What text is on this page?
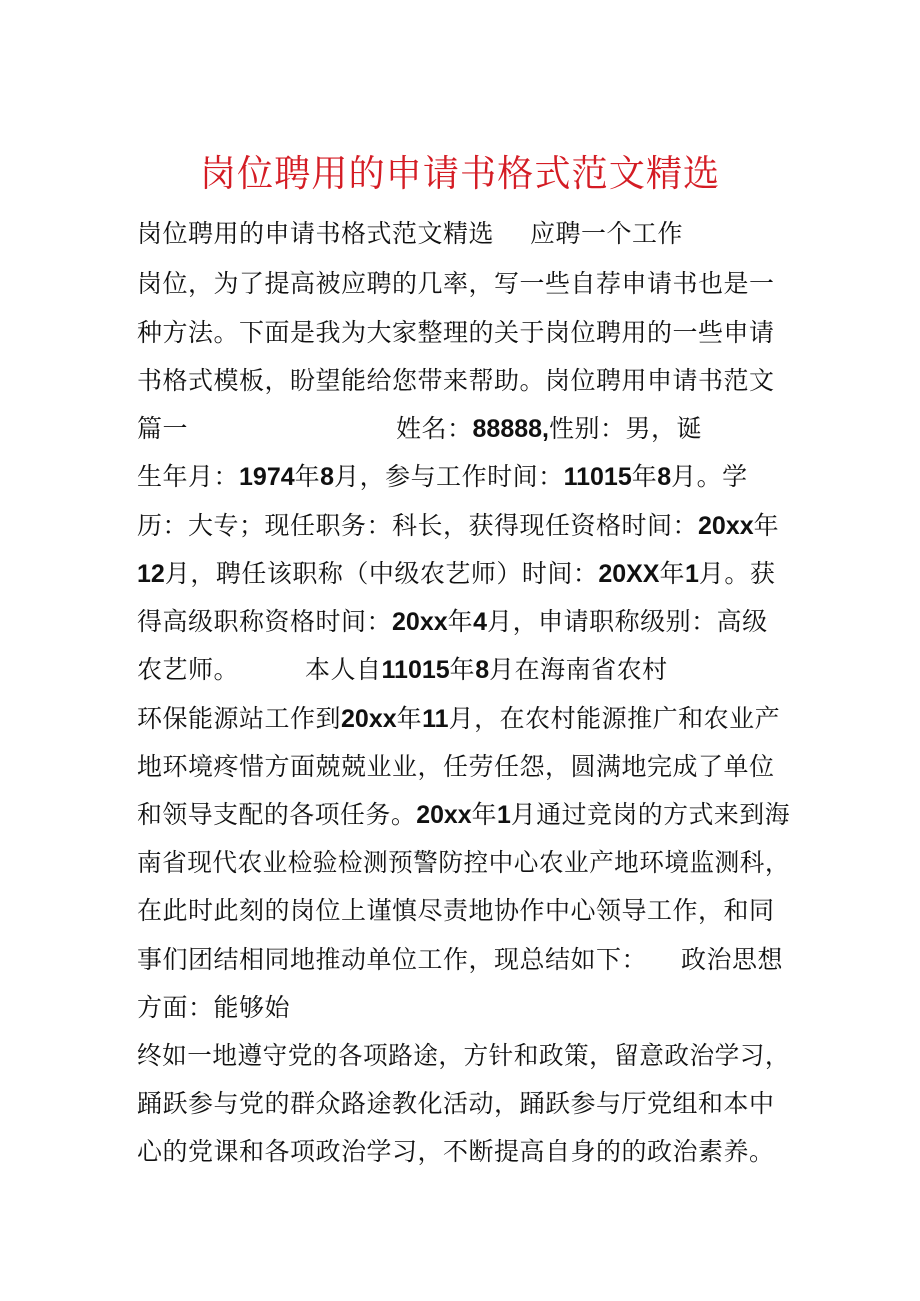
岗位聘用的申请书格式范文精选
岗位聘用的申请书格式范文精选 应聘一个工作
岗位，为了提高被应聘的几率，写一些自荐申请书也是一
种方法。下面是我为大家整理的关于岗位聘用的一些申请
书格式模板，盼望能给您带来帮助。岗位聘用申请书范文
篇一	姓名：88888,性别：男，诞
生年月：1974年8月，参与工作时间：11015年8月。学
历：大专；现任职务：科长，获得现任资格时间：20xx年
12月，聘任该职称（中级农艺师）时间：20XX年1月。获
得高级职称资格时间：20xx年4月，申请职称级别：高级
农艺师。	本人自11015年8月在海南省农村
环保能源站工作到20xx年11月，在农村能源推广和农业产
地环境疼惜方面兢兢业业，任劳任怨，圆满地完成了单位
和领导支配的各项任务。20xx年1月通过竞岗的方式来到海
南省现代农业检验检测预警防控中心农业产地环境监测科，
在此时此刻的岗位上谨慎尽责地协作中心领导工作，和同
事们团结相同地推动单位工作，现总结如下： 政治思想
方面：能够始
终如一地遵守党的各项路途，方针和政策，留意政治学习，
踊跃参与党的群众路途教化活动，踊跃参与厅党组和本中
心的党课和各项政治学习，不断提高自身的的政治素养。
